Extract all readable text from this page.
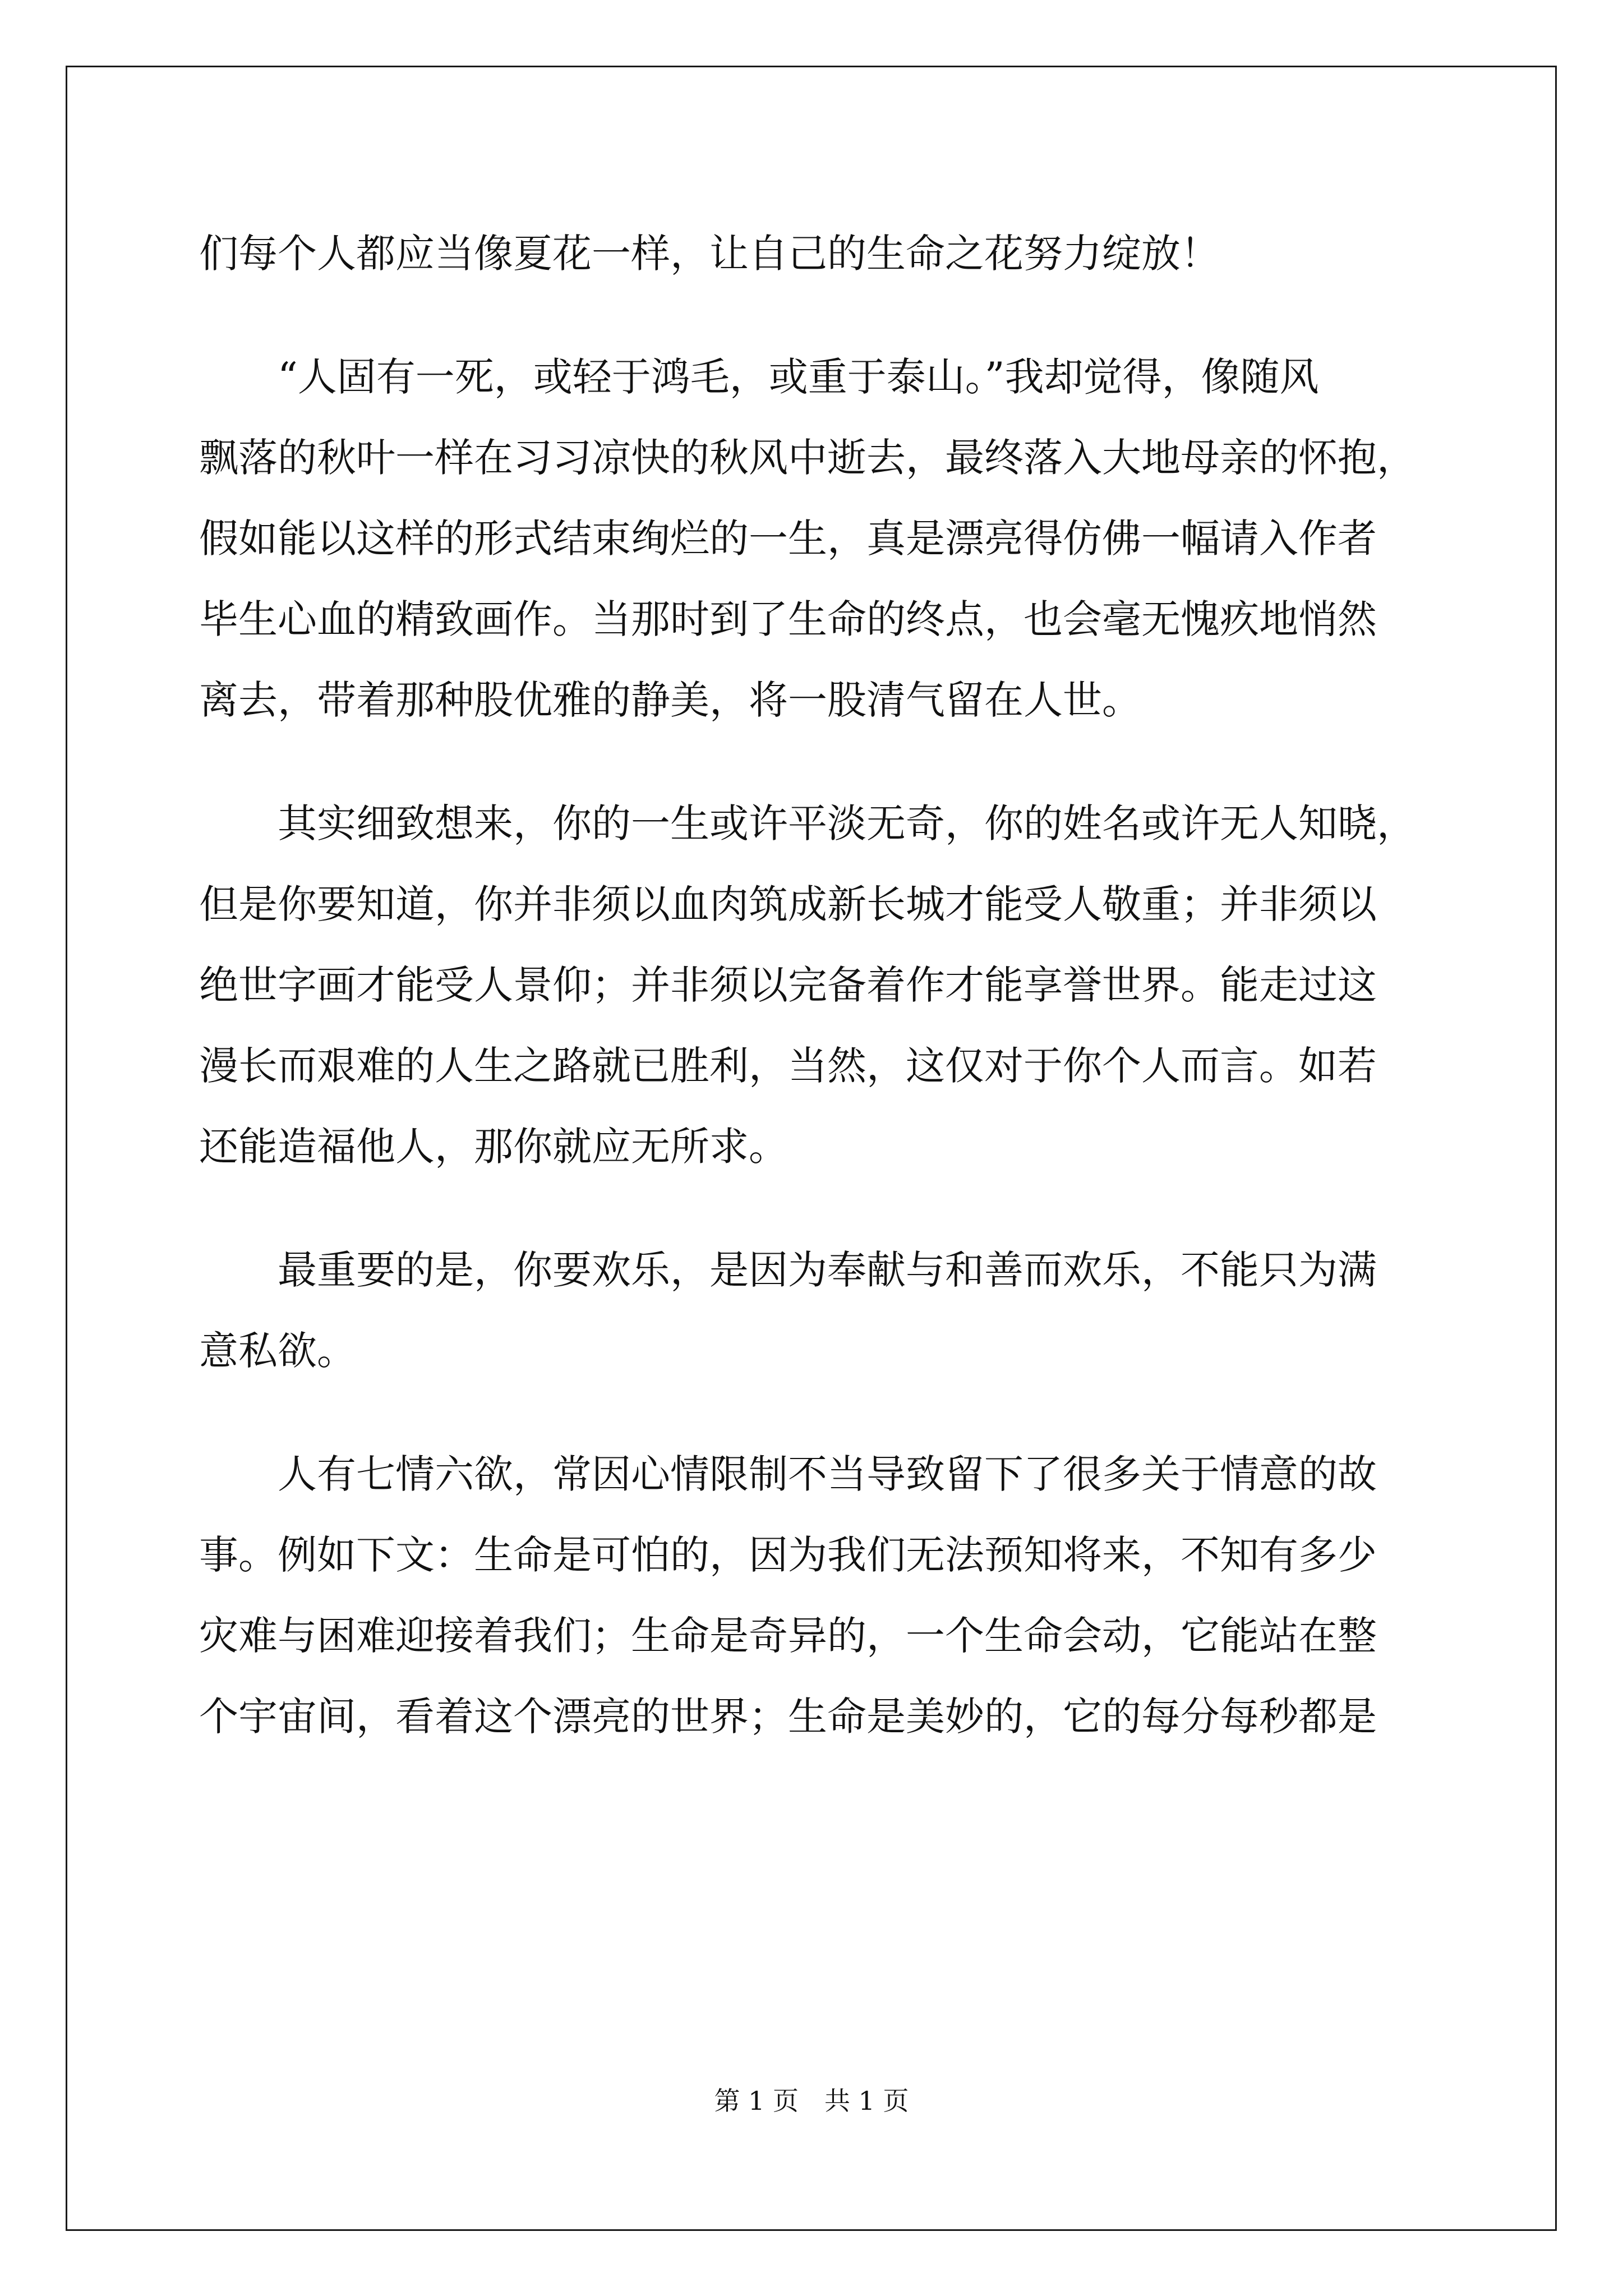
们每个人都应当像夏花一样，让自己的生命之花努力绽放！
　　“人固有一死，或轻于鸿毛，或重于泰山。”我却觉得，像随风
飘落的秋叶一样在习习凉快的秋风中逝去，最终落入大地母亲的怀抱，
假如能以这样的形式结束绚烂的一生，真是漂亮得仿佛一幅请入作者
毕生心血的精致画作。当那时到了生命的终点，也会毫无愧疚地悄然
离去，带着那种股优雅的静美，将一股清气留在人世。
　　其实细致想来，你的一生或许平淡无奇，你的姓名或许无人知晓，
但是你要知道，你并非须以血肉筑成新长城才能受人敬重；并非须以
绝世字画才能受人景仰；并非须以完备着作才能享誉世界。能走过这
漫长而艰难的人生之路就已胜利，当然，这仅对于你个人而言。如若
还能造福他人，那你就应无所求。
　　最重要的是，你要欢乐，是因为奉献与和善而欢乐，不能只为满
意私欲。
　　人有七情六欲，常因心情限制不当导致留下了很多关于情意的故
事。例如下文：生命是可怕的，因为我们无法预知将来，不知有多少
灾难与困难迎接着我们；生命是奇异的，一个生命会动，它能站在整
个宇宙间，看着这个漂亮的世界；生命是美妙的，它的每分每秒都是
第 1 页　共 1 页
